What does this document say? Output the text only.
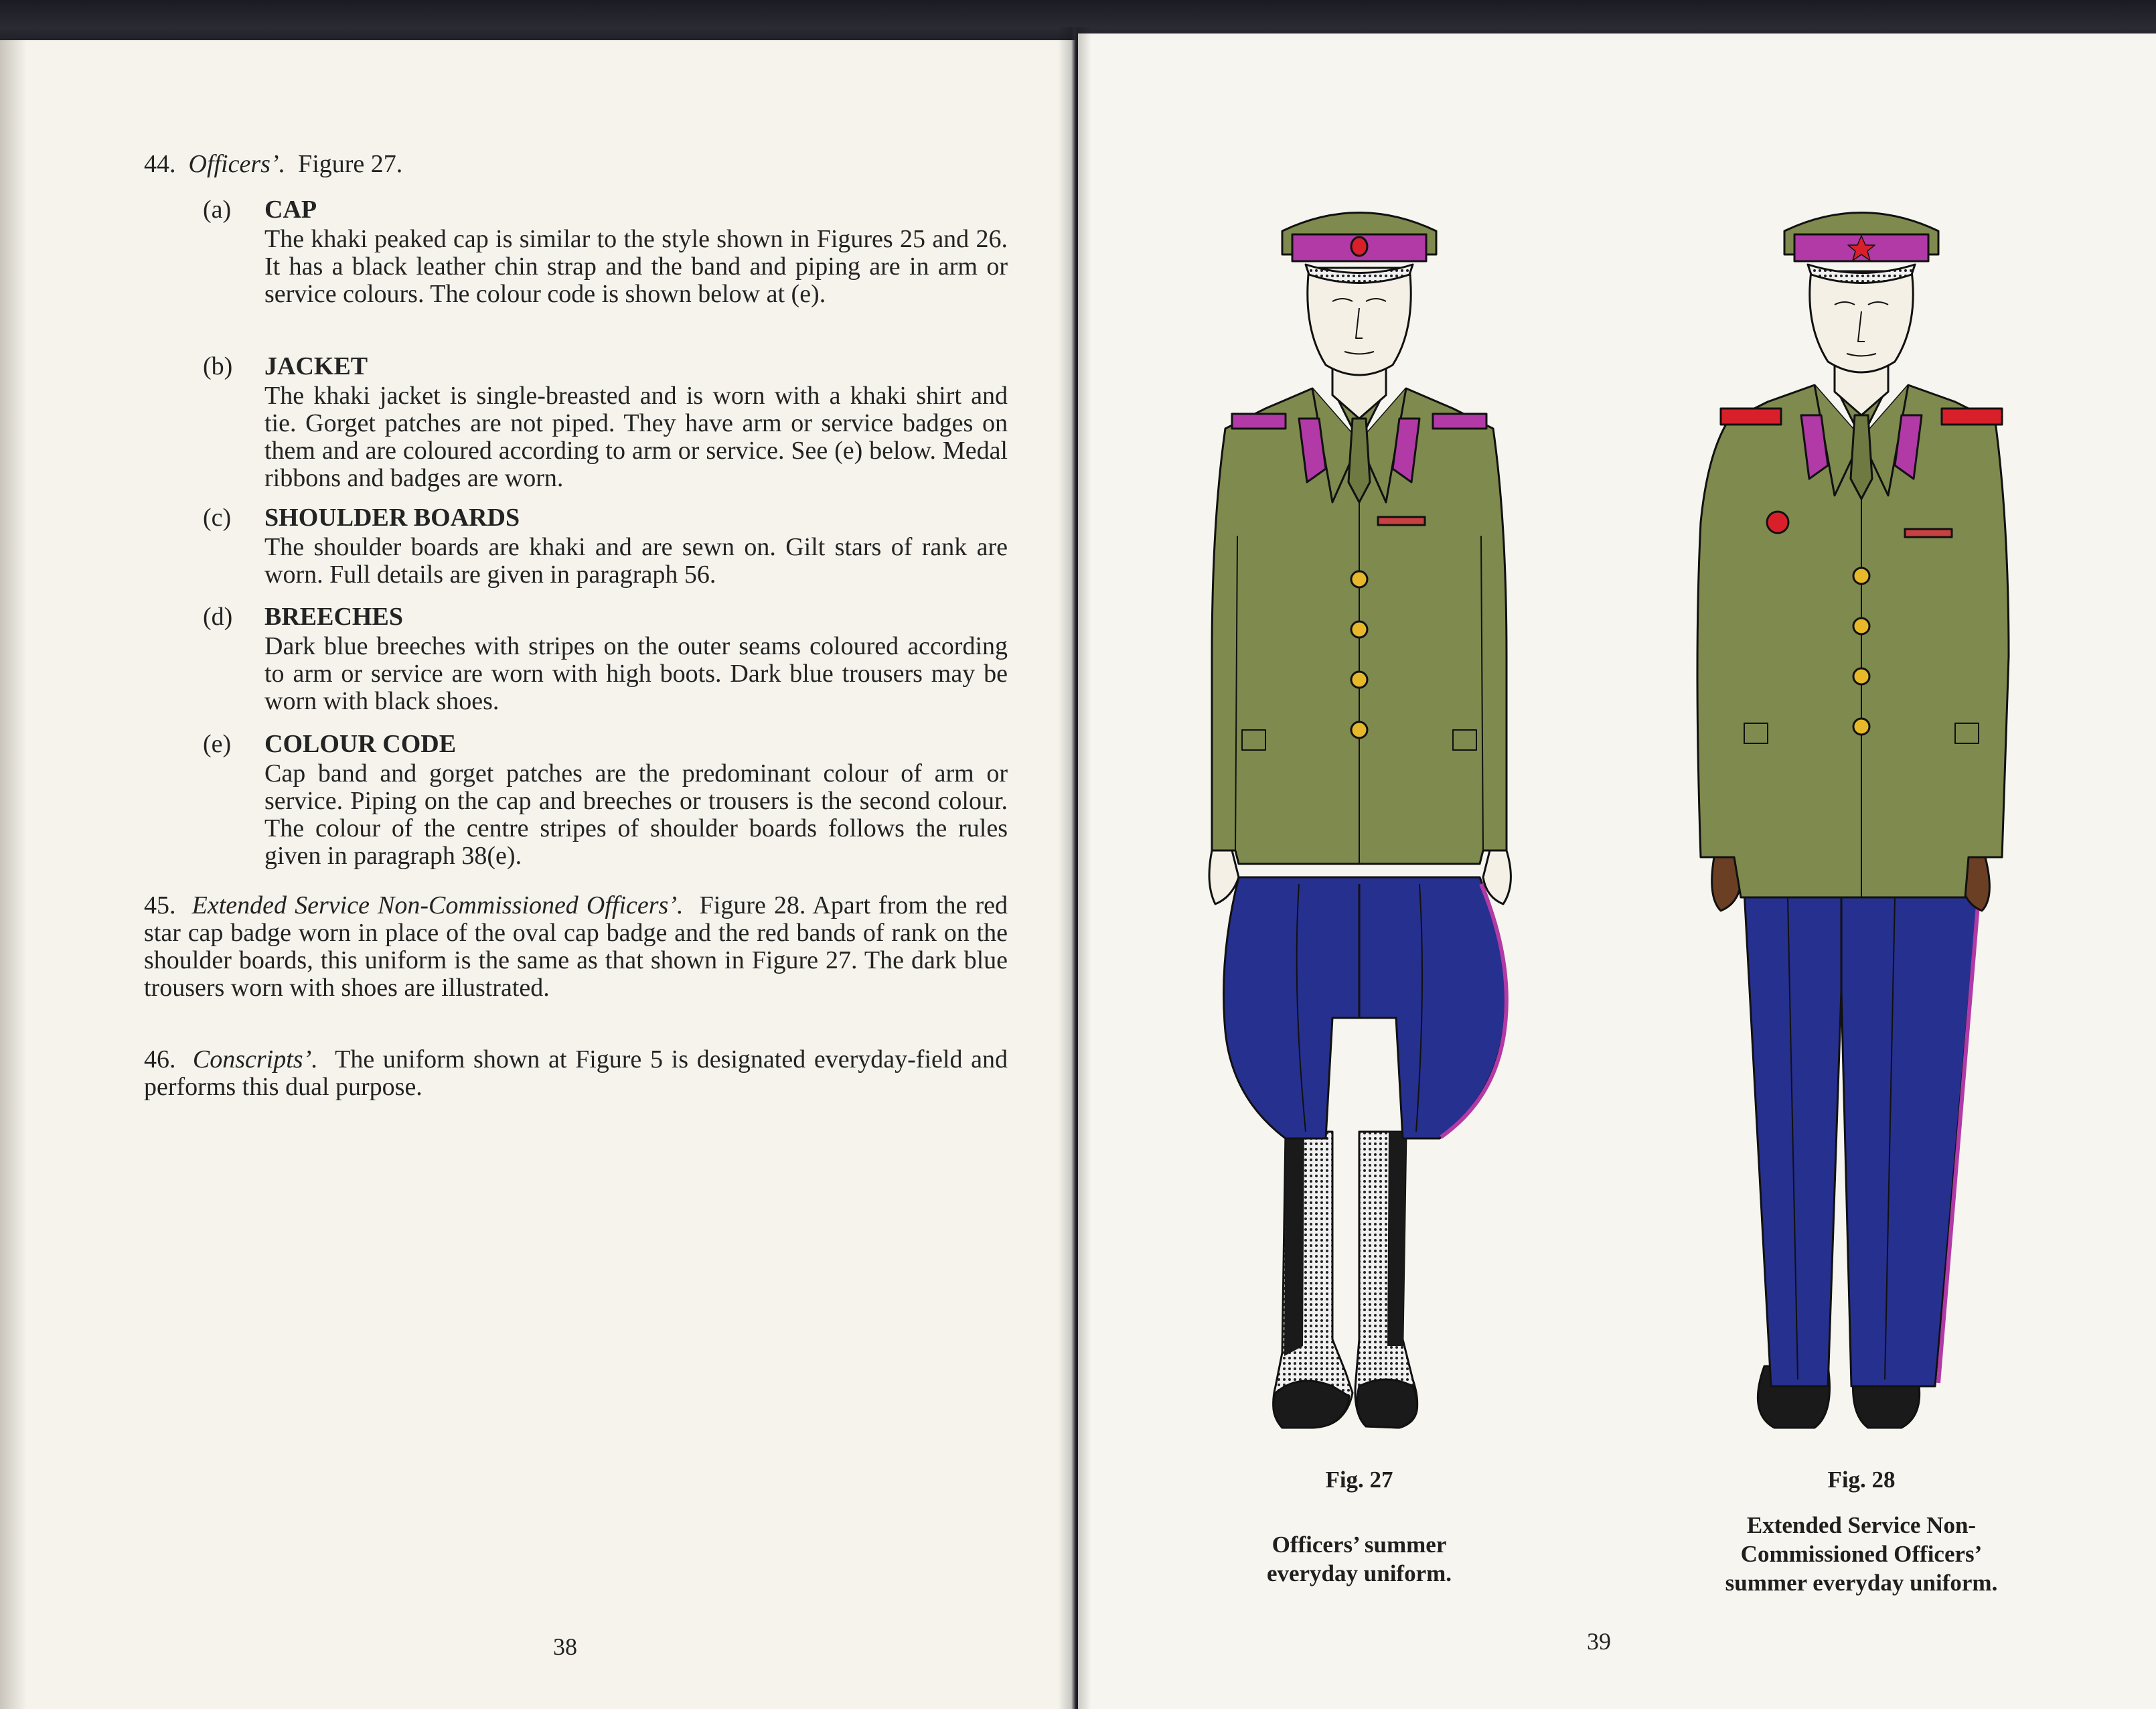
44. Officers’. Figure 27.
(a) CAP
The khaki peaked cap is similar to the style shown in Figures 25 and 26. It has a black leather chin strap and the band and piping are in arm or service colours. The colour code is shown below at (e).
(b) JACKET
The khaki jacket is single-breasted and is worn with a khaki shirt and tie. Gorget patches are not piped. They have arm or service badges on them and are coloured according to arm or service. See (e) below. Medal ribbons and badges are worn.
(c) SHOULDER BOARDS
The shoulder boards are khaki and are sewn on. Gilt stars of rank are worn. Full details are given in paragraph 56.
(d) BREECHES
Dark blue breeches with stripes on the outer seams coloured according to arm or service are worn with high boots. Dark blue trousers may be worn with black shoes.
(e) COLOUR CODE
Cap band and gorget patches are the predominant colour of arm or service. Piping on the cap and breeches or trousers is the second colour. The colour of the centre stripes of shoulder boards follows the rules given in paragraph 38(e).
45. Extended Service Non-Commissioned Officers’. Figure 28. Apart from the red star cap badge worn in place of the oval cap badge and the red bands of rank on the shoulder boards, this uniform is the same as that shown in Figure 27. The dark blue trousers worn with shoes are illustrated.
46. Conscripts’. The uniform shown at Figure 5 is designated everyday-field and performs this dual purpose.
38
Fig. 27
Officers’ summer
everyday uniform.
Fig. 28
Extended Service Non-
Commissioned Officers’
summer everyday uniform.
39
